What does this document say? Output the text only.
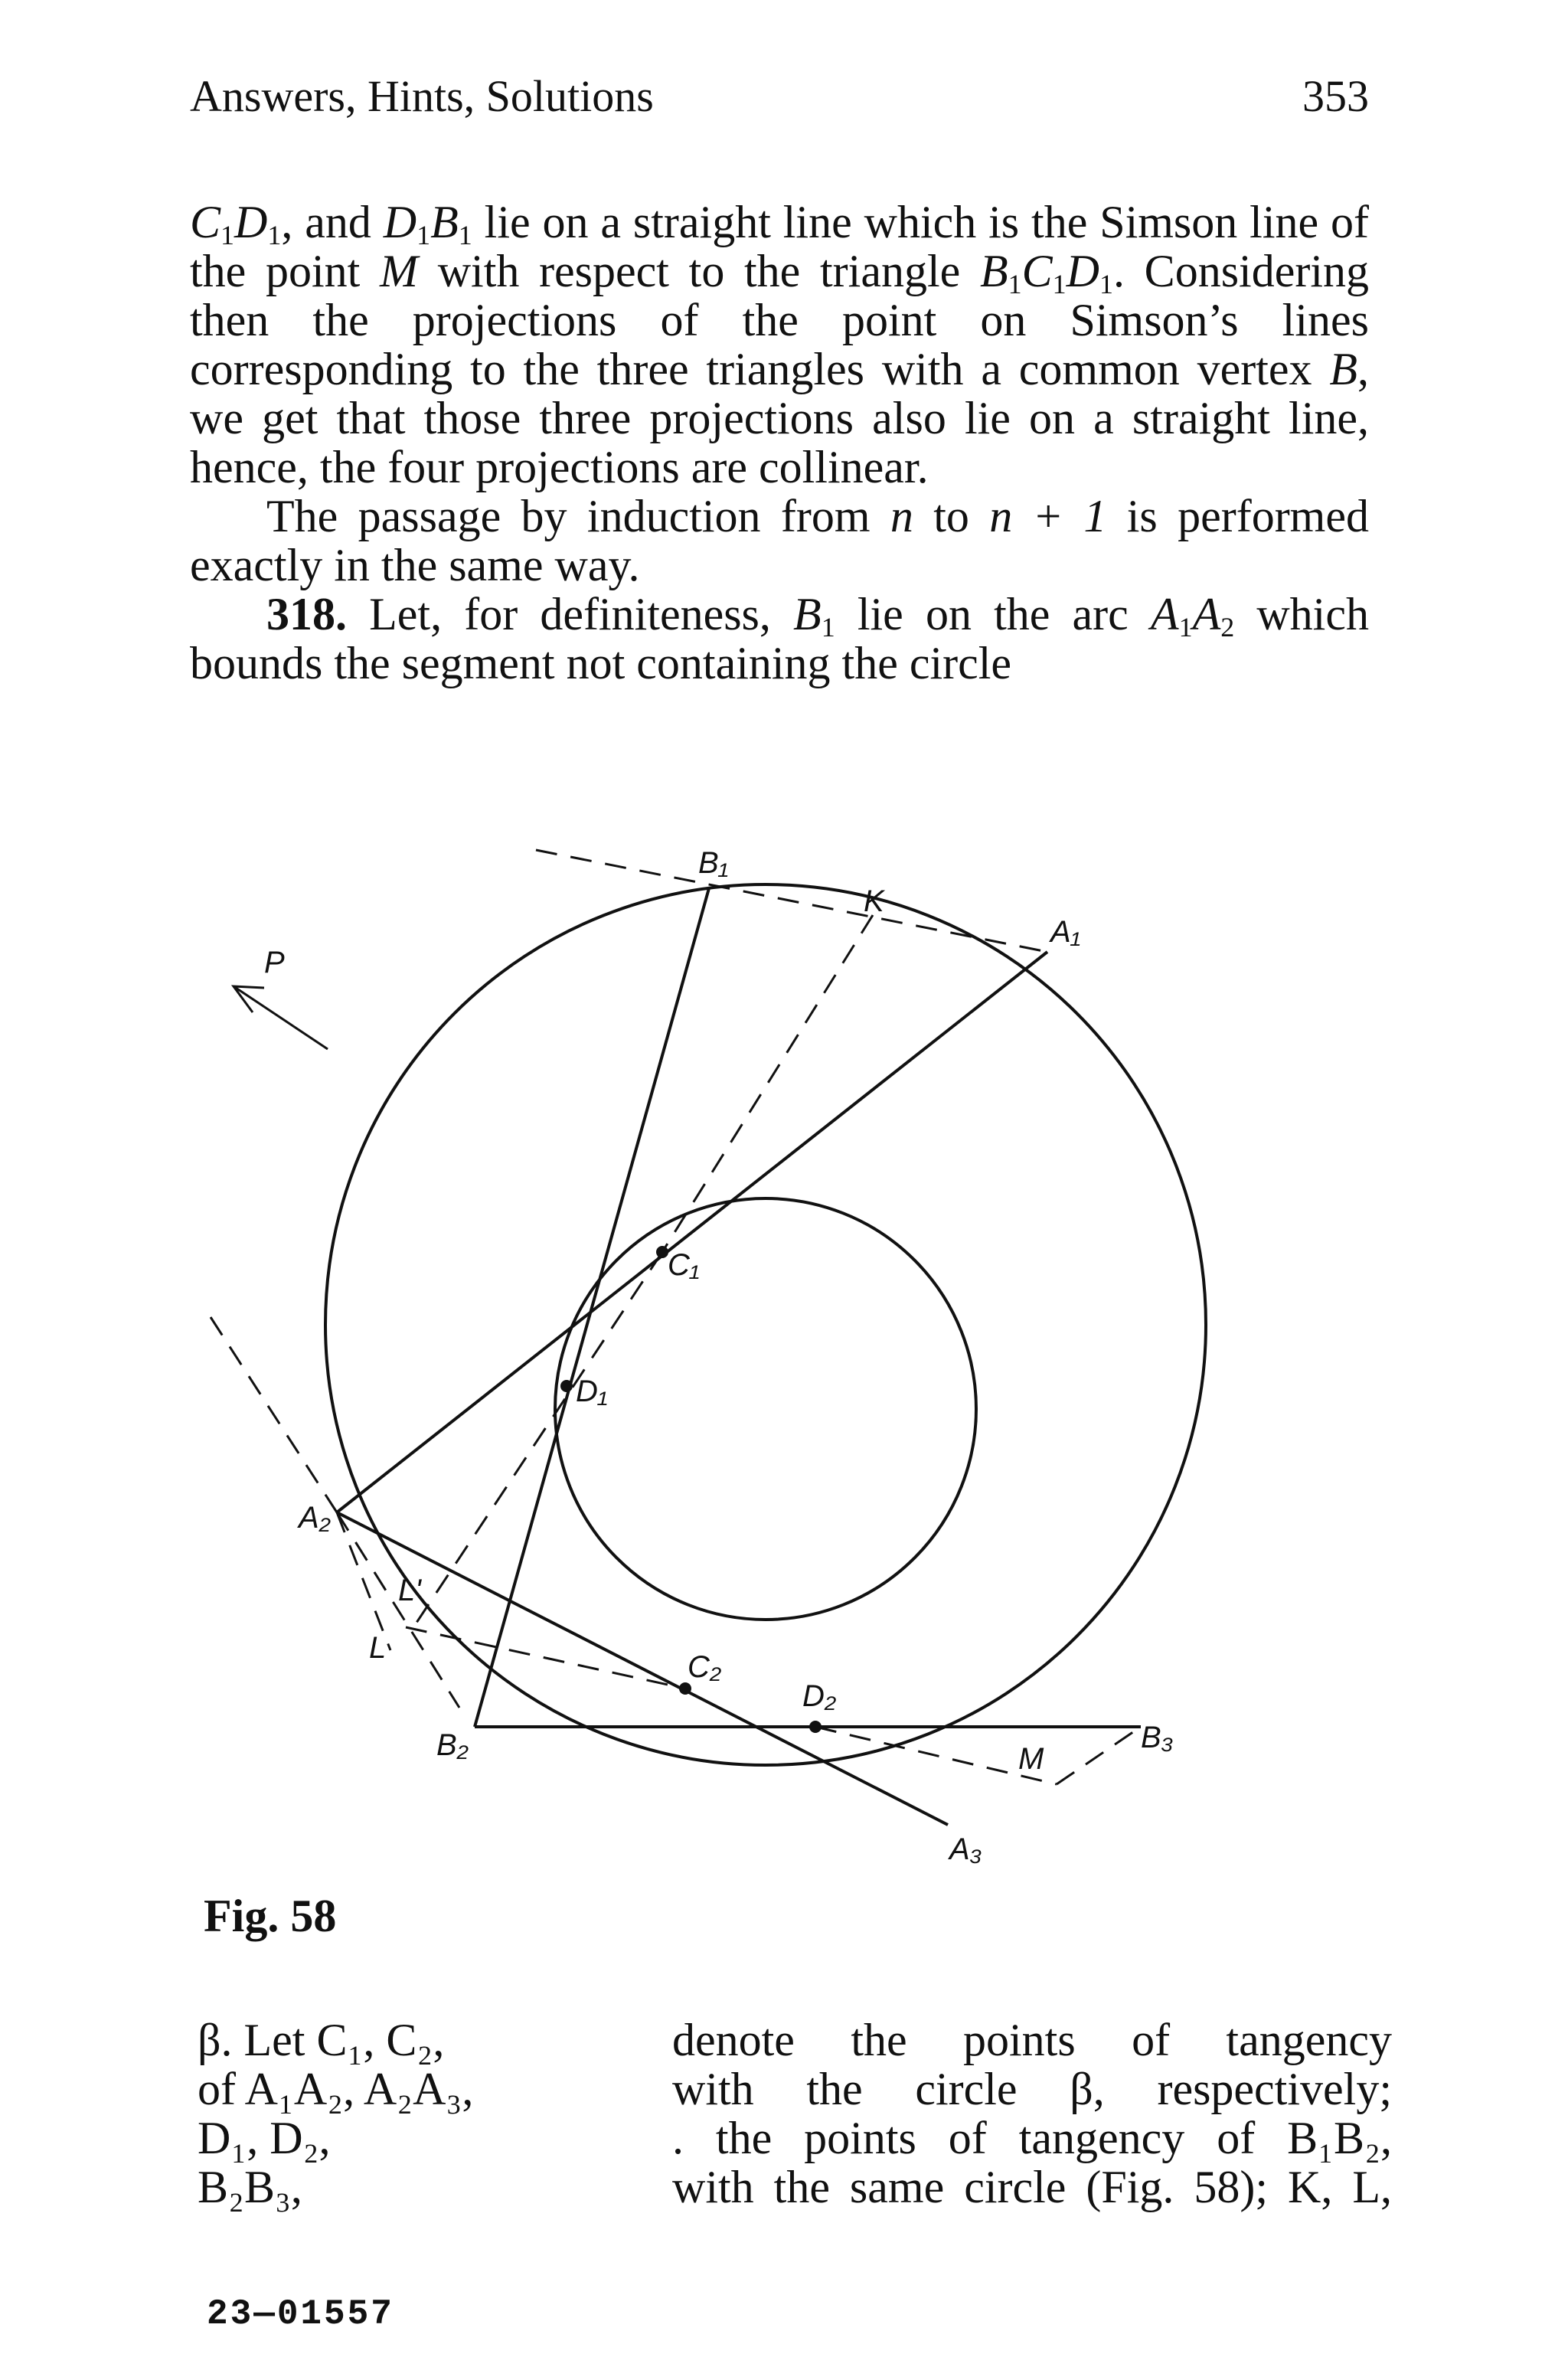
Answers, Hints, Solutions	353

$C_1D_1$, and $D_1B_1$ lie on a straight line which is the Simson line of the point M with respect to the triangle $B_1C_1D_1$. Considering then the projections of the point on Simson’s lines corresponding to the three triangles with a common vertex B, we get that those three projections also lie on a straight line, hence, the four projections are collinear.

The passage by induction from n to n + 1 is performed exactly in the same way.

318. Let, for definiteness, $B_1$ lie on the arc $A_1A_2$ which bounds the segment not containing the circle

B₁
K
A₁
P
C₁
D₁
A₂
L'
L
C₂
D₂
B₂	M
B₃
A₃
Fig. 58
β. Let C₁, C₂,	denote the points of tangency
of A₁A₂, A₂A₃,	with the circle β, respectively;
D₁, D₂,	. the points of tangency of B₁B₂,
B₂B₃,	with the same circle (Fig. 58); K, L,
23—01557
